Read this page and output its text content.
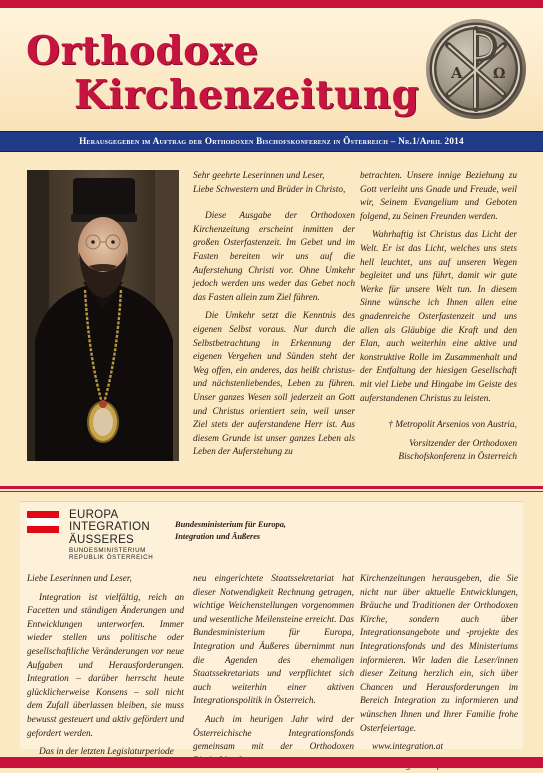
Orthodoxe
Kirchenzeitung A Ω
Herausgegeben im Auftrag der Orthodoxen Bischofskonferenz in Österreich – Nr.1/April 2014

Sehr geehrte Leserinnen und Leser,

Liebe Schwestern und Brüder in Christo,

Diese Ausgabe der Orthodoxen Kirchenzeitung erscheint inmitten der großen Osterfastenzeit. Im Gebet und im Fasten bereiten wir uns auf die Auferstehung Christi vor. Ohne Umkehr jedoch werden uns weder das Gebet noch das Fasten allein zum Ziel führen.

Die Umkehr setzt die Kenntnis des eigenen Selbst voraus. Nur durch die Selbstbetrachtung in Erkennung der eigenen Vergehen und Sünden steht der Weg offen, ein anderes, das heißt christus- und nächstenliebendes, Leben zu führen. Unser ganzes Wesen soll jederzeit an Gott und Christus orientiert sein, weil unser Ziel stets der auferstandene Herr ist. Aus diesem Grunde ist unser ganzes Leben als Leben der Auferstehung zu

betrachten. Unsere innige Beziehung zu Gott verleiht uns Gnade und Freude, weil wir, Seinem Evangelium und Geboten folgend, zu Seinen Freunden werden.

Wahrhaftig ist Christus das Licht der Welt. Er ist das Licht, welches uns stets hell leuchtet, uns auf unseren Wegen begleitet und uns führt, damit wir gute Werke für unsere Welt tun. In diesem Sinne wünsche ich Ihnen allen eine gnadenreiche Osterfastenzeit und uns allen als Gläubige die Kraft und den Elan, auch weiterhin eine aktive und konstruktive Rolle im Zusammenhalt und der Entfaltung der hiesigen Gesellschaft mit viel Liebe und Hingabe im Geiste des auferstandenen Christus zu leisten.

† Metropolit Arsenios von Austria,

Vorsitzender der Orthodoxen

Bischofskonferenz in Österreich

EUROPA
INTEGRATION
ÄUSSERES
BUNDESMINISTERIUM
REPUBLIK ÖSTERREICH
Bundesministerium für Europa,
Integration und Äußeres

Liebe Leserinnen und Leser,

Integration ist vielfältig, reich an Facetten und ständigen Änderungen und Entwicklungen unterworfen. Immer wieder stellen uns politische oder gesellschaftliche Veränderungen vor neue Aufgaben und Herausforderungen. Integration – darüber herrscht heute glücklicherweise Konsens – soll nicht dem Zufall überlassen bleiben, sie muss bewusst gesteuert und aktiv gefördert und gefordert werden.

Das in der letzten Legislaturperiode

neu eingerichtete Staatssekretariat hat dieser Notwendigkeit Rechnung getragen, wichtige Weichenstellungen vorgenommen und wesentliche Meilensteine erreicht. Das Bundesministerium für Europa, Integration und Äußeres übernimmt nun die Agenden des ehemaligen Staatssekretariats und verpflichtet sich auch weiterhin einer aktiven Integrationspolitik in Österreich.

Auch im heurigen Jahr wird der Österreichische Integrationsfonds gemeinsam mit der Orthodoxen

Kirchenzeitungen herausgeben, die Sie nicht nur über aktuelle Entwicklungen, Bräuche und Traditionen der Orthodoxen Kirche, sondern auch über Integrationsangebote und -projekte des Integrationsfonds und des Ministeriums informieren. Wir laden die Leser/innen dieser Zeitung herzlich ein, sich über Chancen und Herausforderungen im Bereich Integration zu informieren und wünschen Ihnen und Ihrer Familie frohe Osterfeiertage.

www.integration.at
